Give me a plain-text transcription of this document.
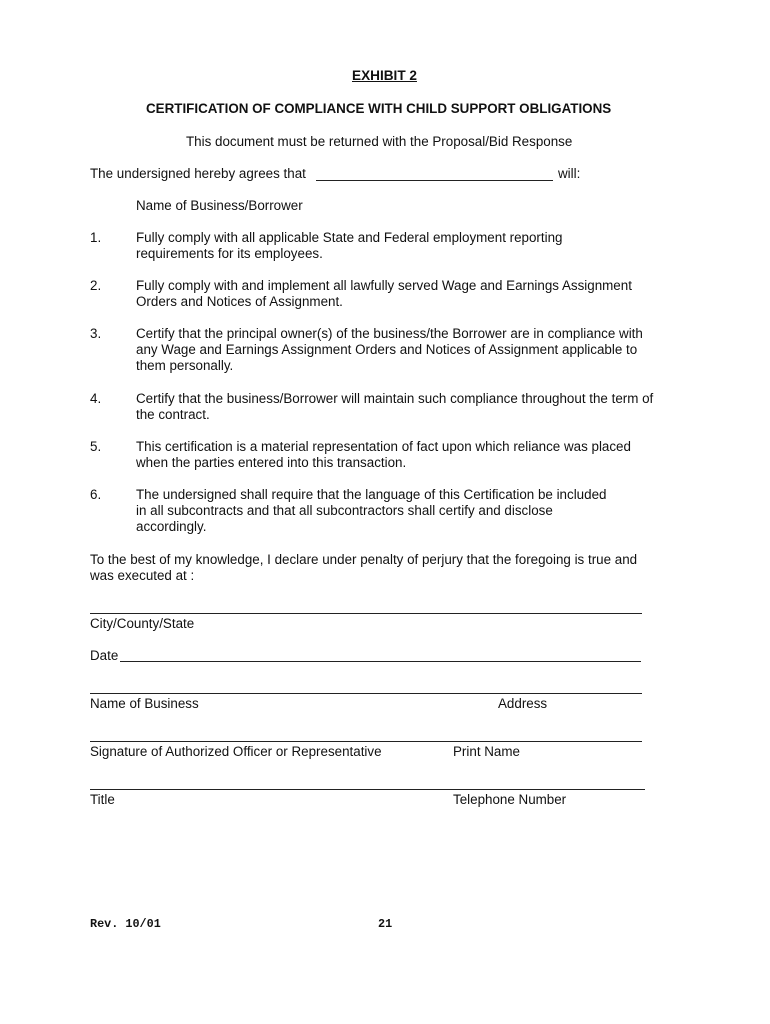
EXHIBIT 2
CERTIFICATION OF COMPLIANCE WITH CHILD SUPPORT OBLIGATIONS
This document must be returned with the Proposal/Bid Response
The undersigned hereby agrees that	will:
Name of Business/Borrower
1.	Fully comply with all applicable State and Federal employment reporting
requirements for its employees.
2.	Fully comply with and implement all lawfully served Wage and Earnings Assignment
Orders and Notices of Assignment.
3.	Certify that the principal owner(s) of the business/the Borrower are in compliance with
any Wage and Earnings Assignment Orders and Notices of Assignment applicable to
them personally.
4.	Certify that the business/Borrower will maintain such compliance throughout the term of
the contract.
5.	This certification is a material representation of fact upon which reliance was placed
when the parties entered into this transaction.
6.	The undersigned shall require that the language of this Certification be included
in all subcontracts and that all subcontractors shall certify and disclose
accordingly.
To the best of my knowledge, I declare under penalty of perjury that the foregoing is true and
was executed at :
City/County/State
Date
Name of Business	Address
Signature of Authorized Officer or Representative	Print Name
Title	Telephone Number
Rev. 10/01	21
